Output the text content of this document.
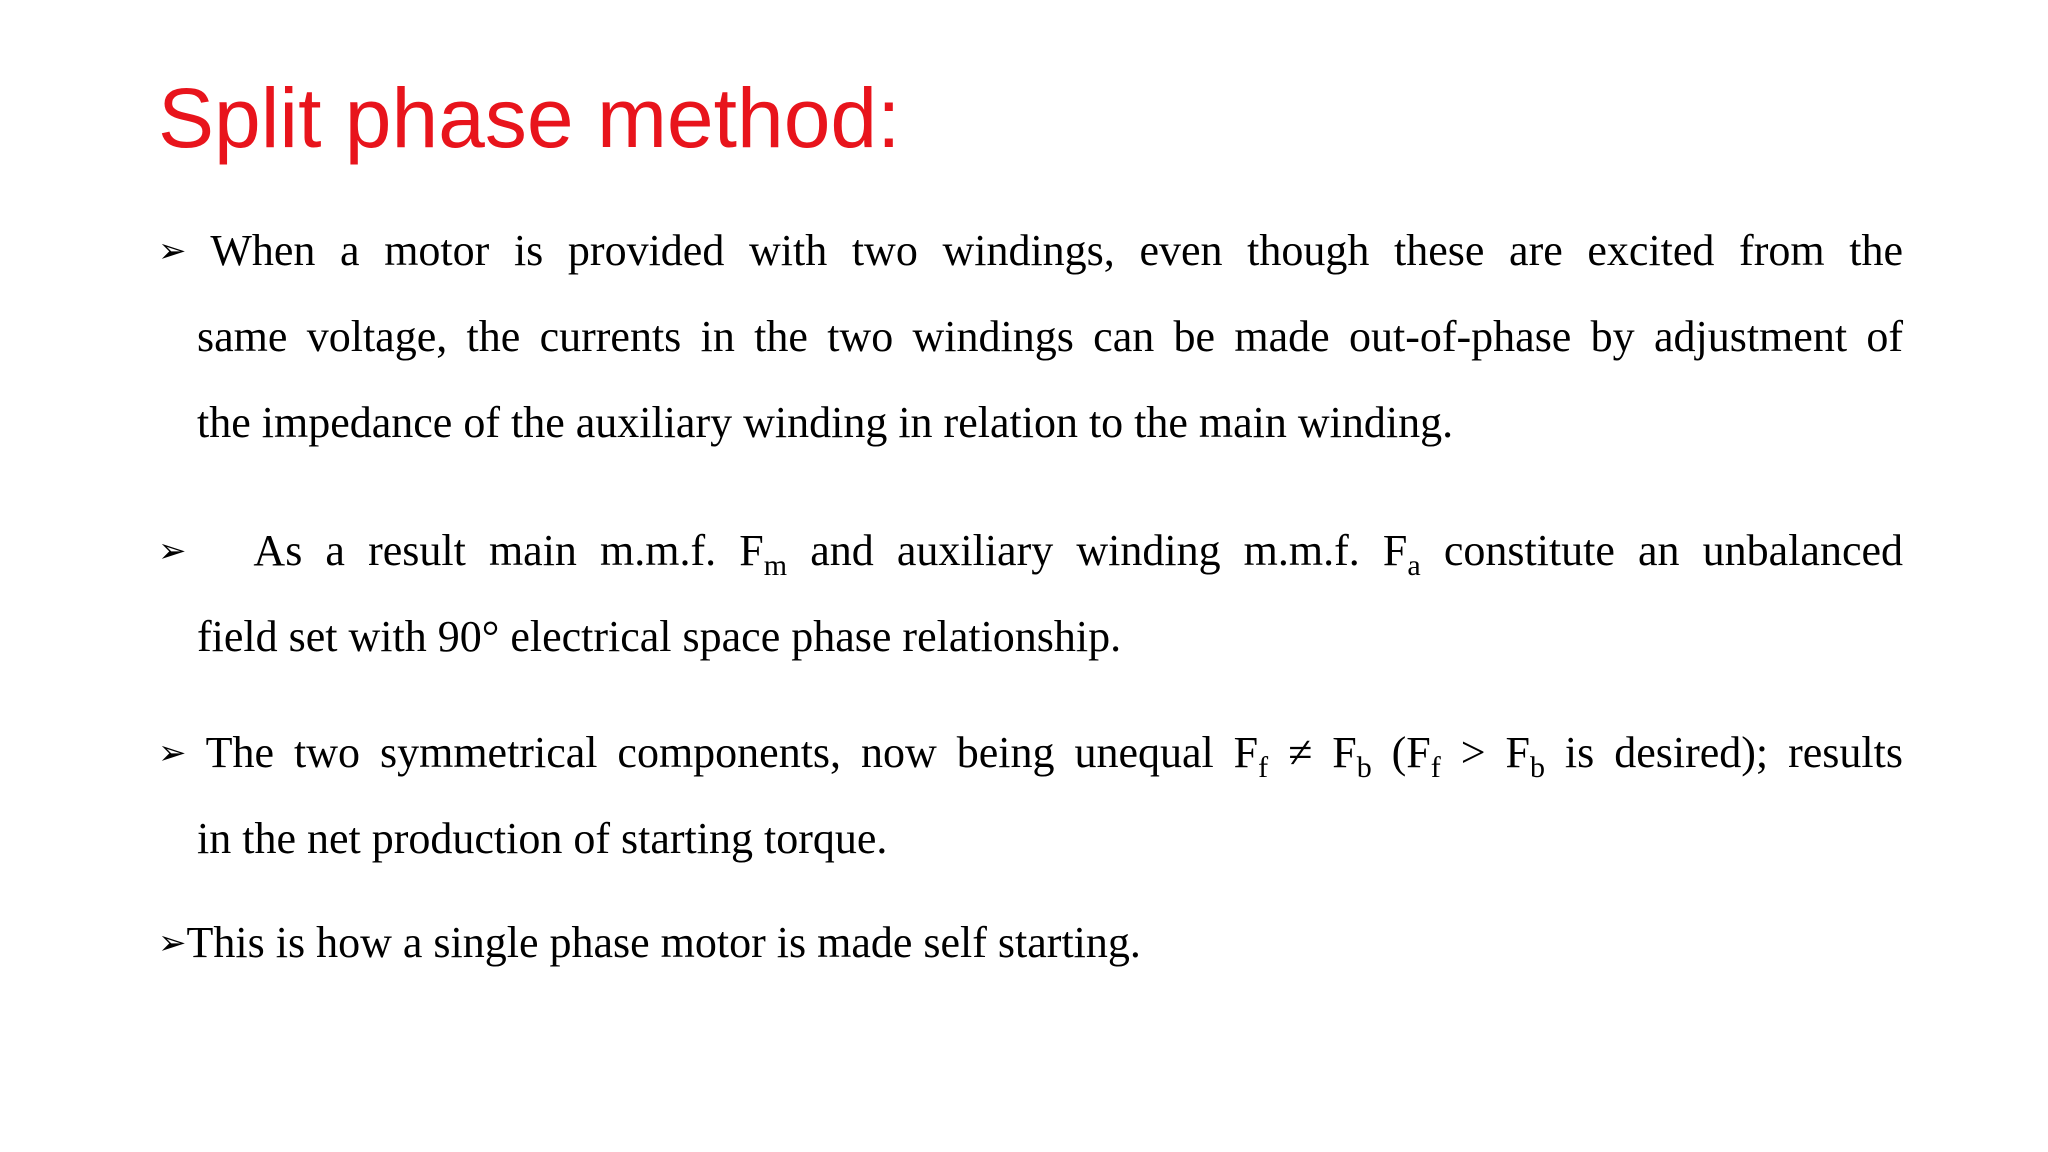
Split phase method:
➢ When a motor is provided with two windings, even though these are excited from the
same voltage, the currents in the two windings can be made out-of-phase by adjustment of
the impedance of the auxiliary winding in relation to the main winding.
➢ As a result main m.m.f. $F_m$ and auxiliary winding m.m.f. $F_a$ constitute an unbalanced
field set with 90° electrical space phase relationship.
➢ The two symmetrical components, now being unequal $F_f \ne F_b$ ($F_f > F_b$ is desired); results
in the net production of starting torque.
➢This is how a single phase motor is made self starting.
